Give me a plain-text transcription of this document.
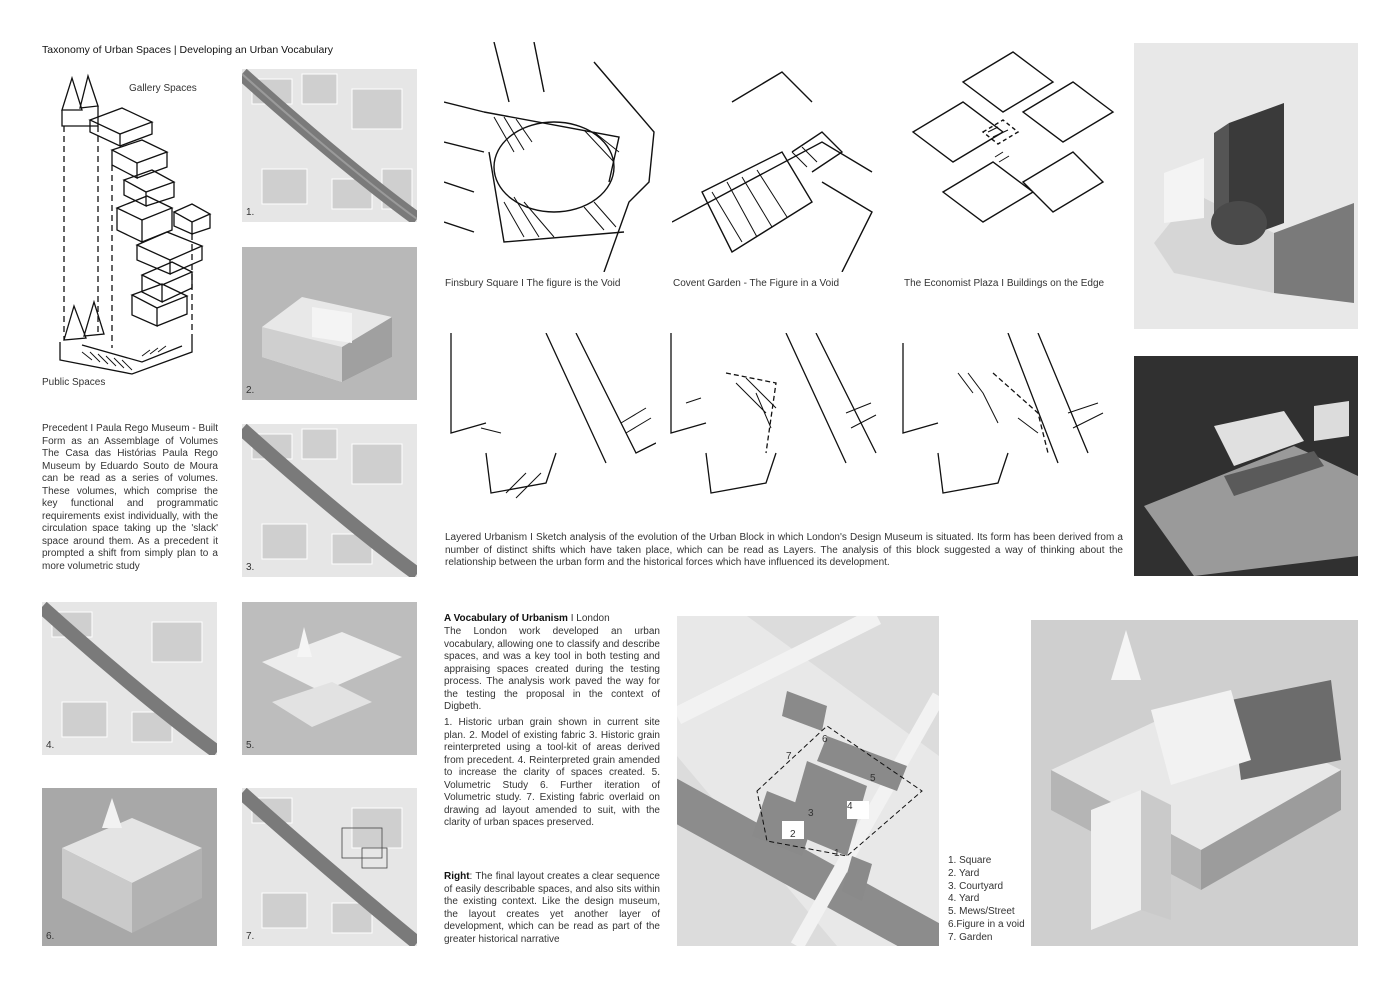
Taxonomy of Urban Spaces | Developing an Urban Vocabulary
Gallery Spaces
Public Spaces
1.
2.
3.
Precedent I Paula Rego Museum - Built Form as an Assemblage of Volumes The Casa das Histórias Paula Rego Museum by Eduardo Souto de Moura can be read as a series of volumes. These volumes, which comprise the key functional and programmatic requirements exist individually, with the circulation space taking up the 'slack' space around them. As a precedent it prompted a shift from simply plan to a more volumetric study
4.	5.
6.	7.
Finsbury Square I The figure is the Void	Covent Garden - The Figure in a Void	The Economist Plaza I Buildings on the Edge
Layered Urbanism I Sketch analysis of the evolution of the Urban Block in which London's Design Museum is situated. Its form has been derived from a number of distinct shifts which have taken place, which can be read as Layers. The analysis of this block suggested a way of thinking about the relationship between the urban form and the historical forces which have influenced its development.
A Vocabulary of Urbanism I London
The London work developed an urban vocabulary, allowing one to classify and describe spaces, and was a key tool in both testing and appraising spaces created during the testing process. The analysis work paved the way for the testing the proposal in the context of Digbeth.
1. Historic urban grain shown in current site plan. 2. Model of existing fabric 3. Historic grain reinterpreted using a tool-kit of areas derived from precedent. 4. Reinterpreted grain amended to increase the clarity of spaces created. 5. Volumetric Study 6. Further iteration of Volumetric study. 7. Existing fabric overlaid on drawing ad layout amended to suit, with the clarity of urban spaces preserved.
Right: The final layout creates a clear sequence of easily describable spaces, and also sits within the existing context. Like the design museum, the layout creates yet another layer of development, which can be read as part of the greater historical narrative
1
2
3
4
5
6
7
1. Square
2. Yard
3. Courtyard
4. Yard
5. Mews/Street
6.Figure in a void
7. Garden
